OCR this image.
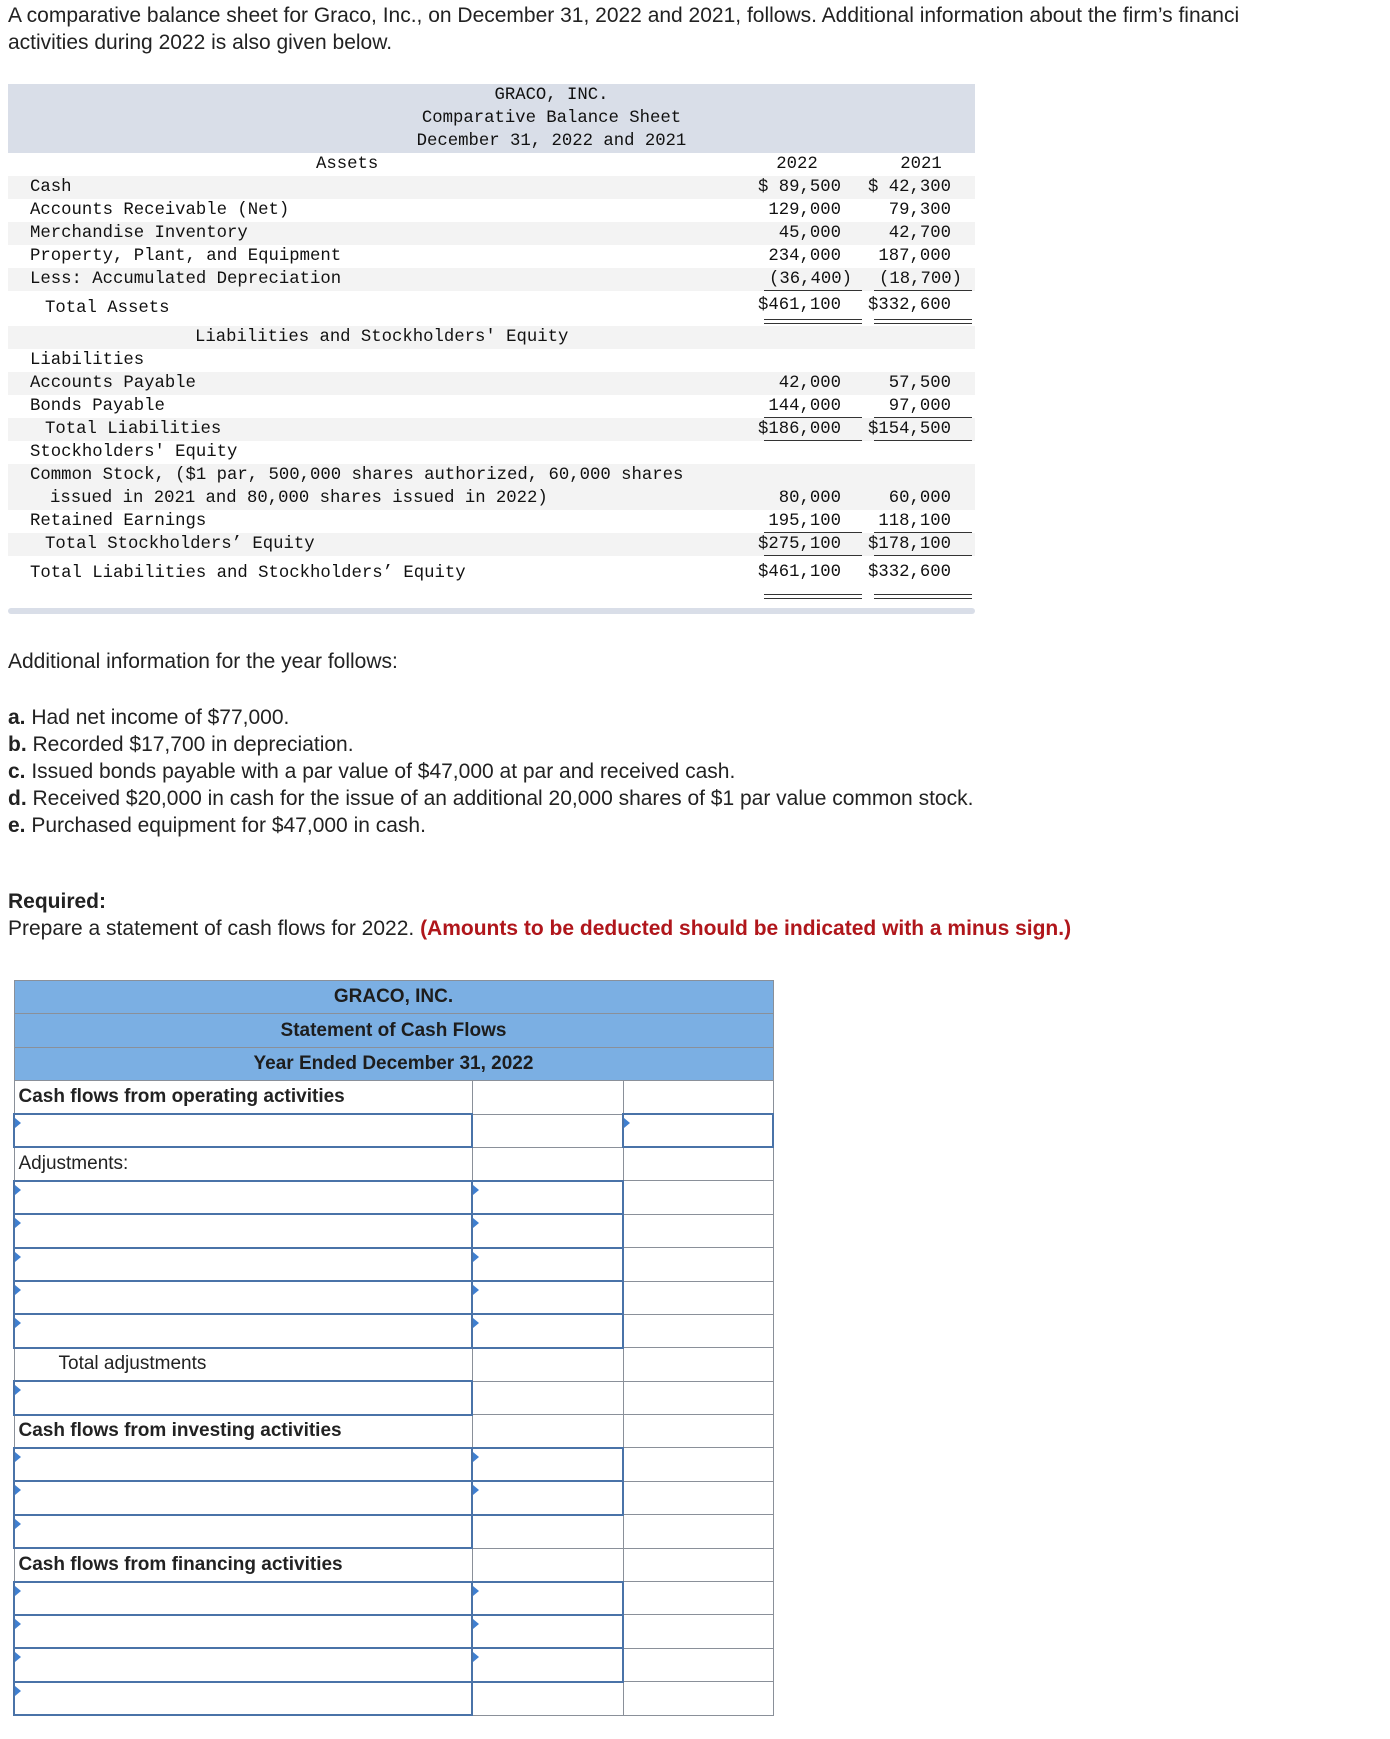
A comparative balance sheet for Graco, Inc., on December 31, 2022 and 2021, follows. Additional information about the firm’s financi
activities during 2022 is also given below.
GRACO, INC.
Comparative Balance Sheet
December 31, 2022 and 2021
Assets	2022	2021
Cash	$ 89,500	$ 42,300
Accounts Receivable (Net)	129,000	79,300
Merchandise Inventory	45,000	42,700
Property, Plant, and Equipment	234,000	187,000
Less: Accumulated Depreciation	(36,400)	(18,700)
Total Assets	$461,100	$332,600
Liabilities and Stockholders' Equity
Liabilities
Accounts Payable	42,000	57,500
Bonds Payable	144,000	97,000
Total Liabilities	$186,000	$154,500
Stockholders' Equity
Common Stock, ($1 par, 500,000 shares authorized, 60,000 shares
issued in 2021 and 80,000 shares issued in 2022)	80,000	60,000
Retained Earnings	195,100	118,100
Total Stockholders’ Equity	$275,100	$178,100
Total Liabilities and Stockholders’ Equity	$461,100	$332,600
Additional information for the year follows:
a. Had net income of $77,000.
b. Recorded $17,700 in depreciation.
c. Issued bonds payable with a par value of $47,000 at par and received cash.
d. Received $20,000 in cash for the issue of an additional 20,000 shares of $1 par value common stock.
e. Purchased equipment for $47,000 in cash.
Required:
Prepare a statement of cash flows for 2022. (Amounts to be deducted should be indicated with a minus sign.)
GRACO, INC.		
Statement of Cash Flows		
Year Ended December 31, 2022		
Cash flows from operating activities		

Adjustments:		

Total adjustments		

Cash flows from investing activities		

Cash flows from financing activities		
